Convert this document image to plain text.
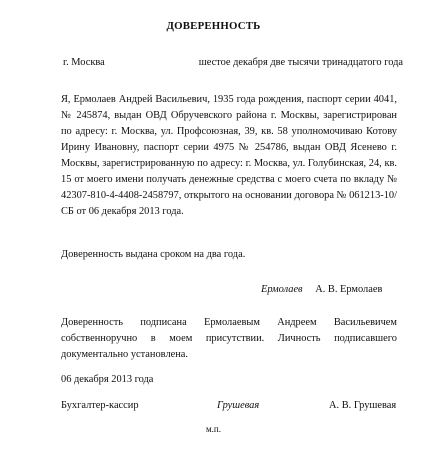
ДОВЕРЕННОСТЬ
г. Москва	шестое декабря две тысячи тринадцатого года
Я, Ермолаев Андрей Васильевич, 1935 года рождения, паспорт серии 4041, № 245874, выдан ОВД Обручевского района г. Москвы, зарегистрирован по адресу: г. Москва, ул. Профсоюзная, 39, кв. 58 уполномочиваю Котову Ирину Ивановну, паспорт серии 4975 № 254786, выдан ОВД Ясенево г. Москвы, зарегистрированную по адресу: г. Москва, ул. Голубинская, 24, кв. 15 от моего имени получать денежные средства с моего счета по вкладу № 42307-810-4-4408-2458797, открытого на основании договора № 061213-10/СБ от 06 декабря 2013 года.
Доверенность выдана сроком на два года.
Ермолаев А. В. Ермолаев
Доверенность подписана Ермолаевым Андреем Васильевичем собственноручно в моем присутствии. Личность подписавшего документально установлена.
06 декабря 2013 года
Бухгалтер-кассир	Грушевая	А. В. Грушевая
м.п.
